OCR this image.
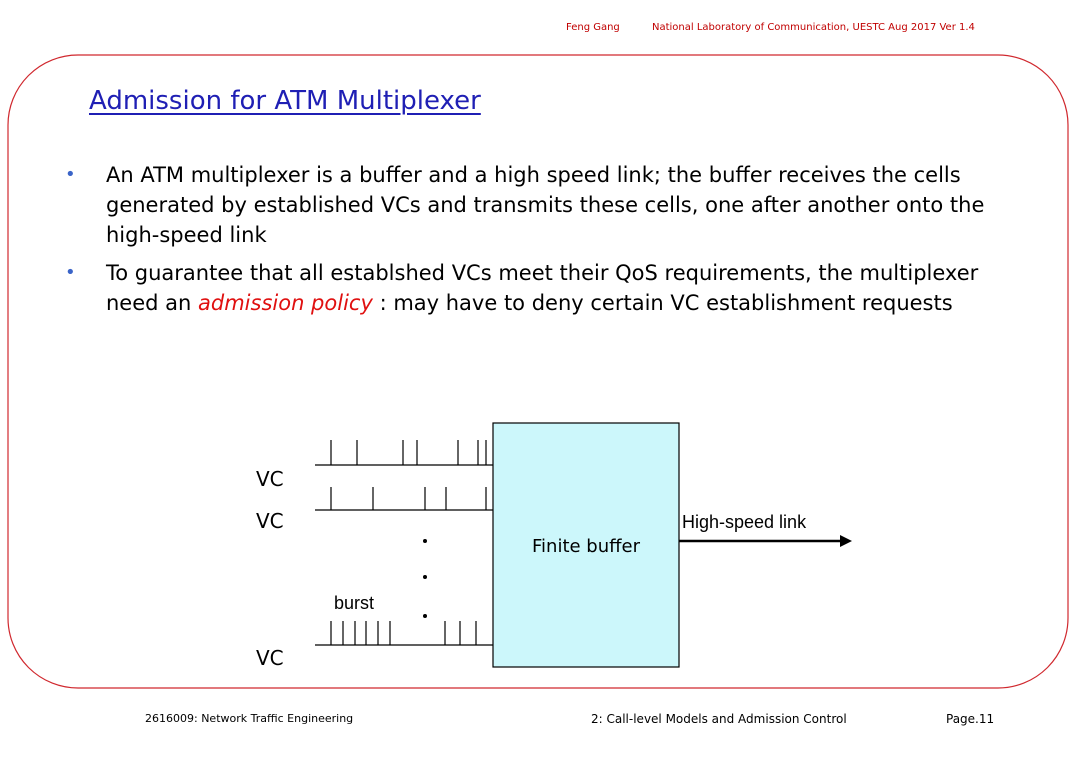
Feng Gang	National Laboratory of Communication, UESTC Aug 2017 Ver 1.4
Admission for ATM Multiplexer
• An ATM multiplexer is a buffer and a high speed link; the buffer receives the cells generated by established VCs and transmits these cells, one after another onto the high-speed link
• To guarantee that all establshed VCs meet their QoS requirements, the multiplexer need an admission policy : may have to deny certain VC establishment requests
VC
VC
VC
burst
Finite buffer
High-speed link
2616009: Network Traffic Engineering	2: Call-level Models and Admission Control	Page.11
